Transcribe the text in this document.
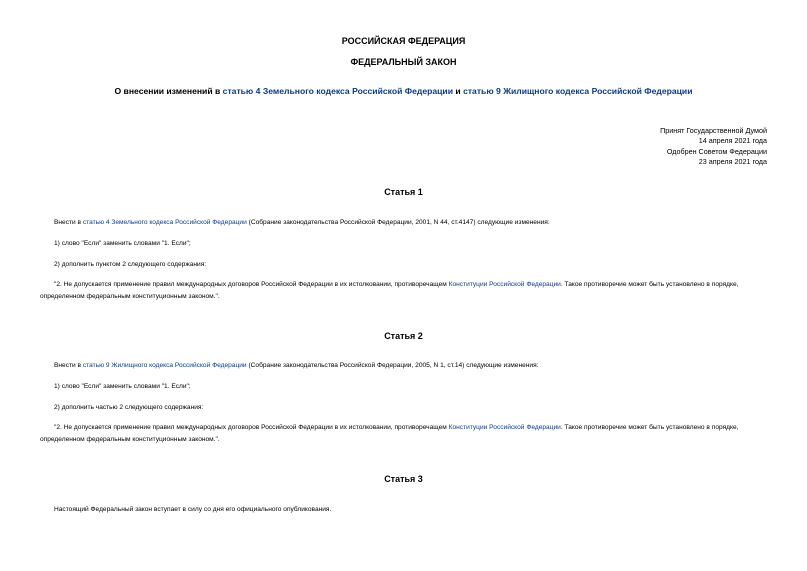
РОССИЙСКАЯ ФЕДЕРАЦИЯ
ФЕДЕРАЛЬНЫЙ ЗАКОН
О внесении изменений в статью 4 Земельного кодекса Российской Федерации и статью 9 Жилищного кодекса Российской Федерации
Принят Государственной Думой
14 апреля 2021 года
Одобрен Советом Федерации
23 апреля 2021 года
Статья 1
Внести в статью 4 Земельного кодекса Российской Федерации (Собрание законодательства Российской Федерации, 2001, N 44, ст.4147) следующие изменения:
1) слово "Если" заменить словами "1. Если";
2) дополнить пунктом 2 следующего содержания:
"2. Не допускается применение правил международных договоров Российской Федерации в их истолковании, противоречащем Конституции Российской Федерации. Такое противоречие может быть установлено в порядке, определенном федеральным конституционным законом.".
Статья 2
Внести в статью 9 Жилищного кодекса Российской Федерации (Собрание законодательства Российской Федерации, 2005, N 1, ст.14) следующие изменения:
1) слово "Если" заменить словами "1. Если";
2) дополнить частью 2 следующего содержания:
"2. Не допускается применение правил международных договоров Российской Федерации в их истолковании, противоречащем Конституции Российской Федерации. Такое противоречие может быть установлено в порядке, определенном федеральным конституционным законом.".
Статья 3
Настоящий Федеральный закон вступает в силу со дня его официального опубликования.
